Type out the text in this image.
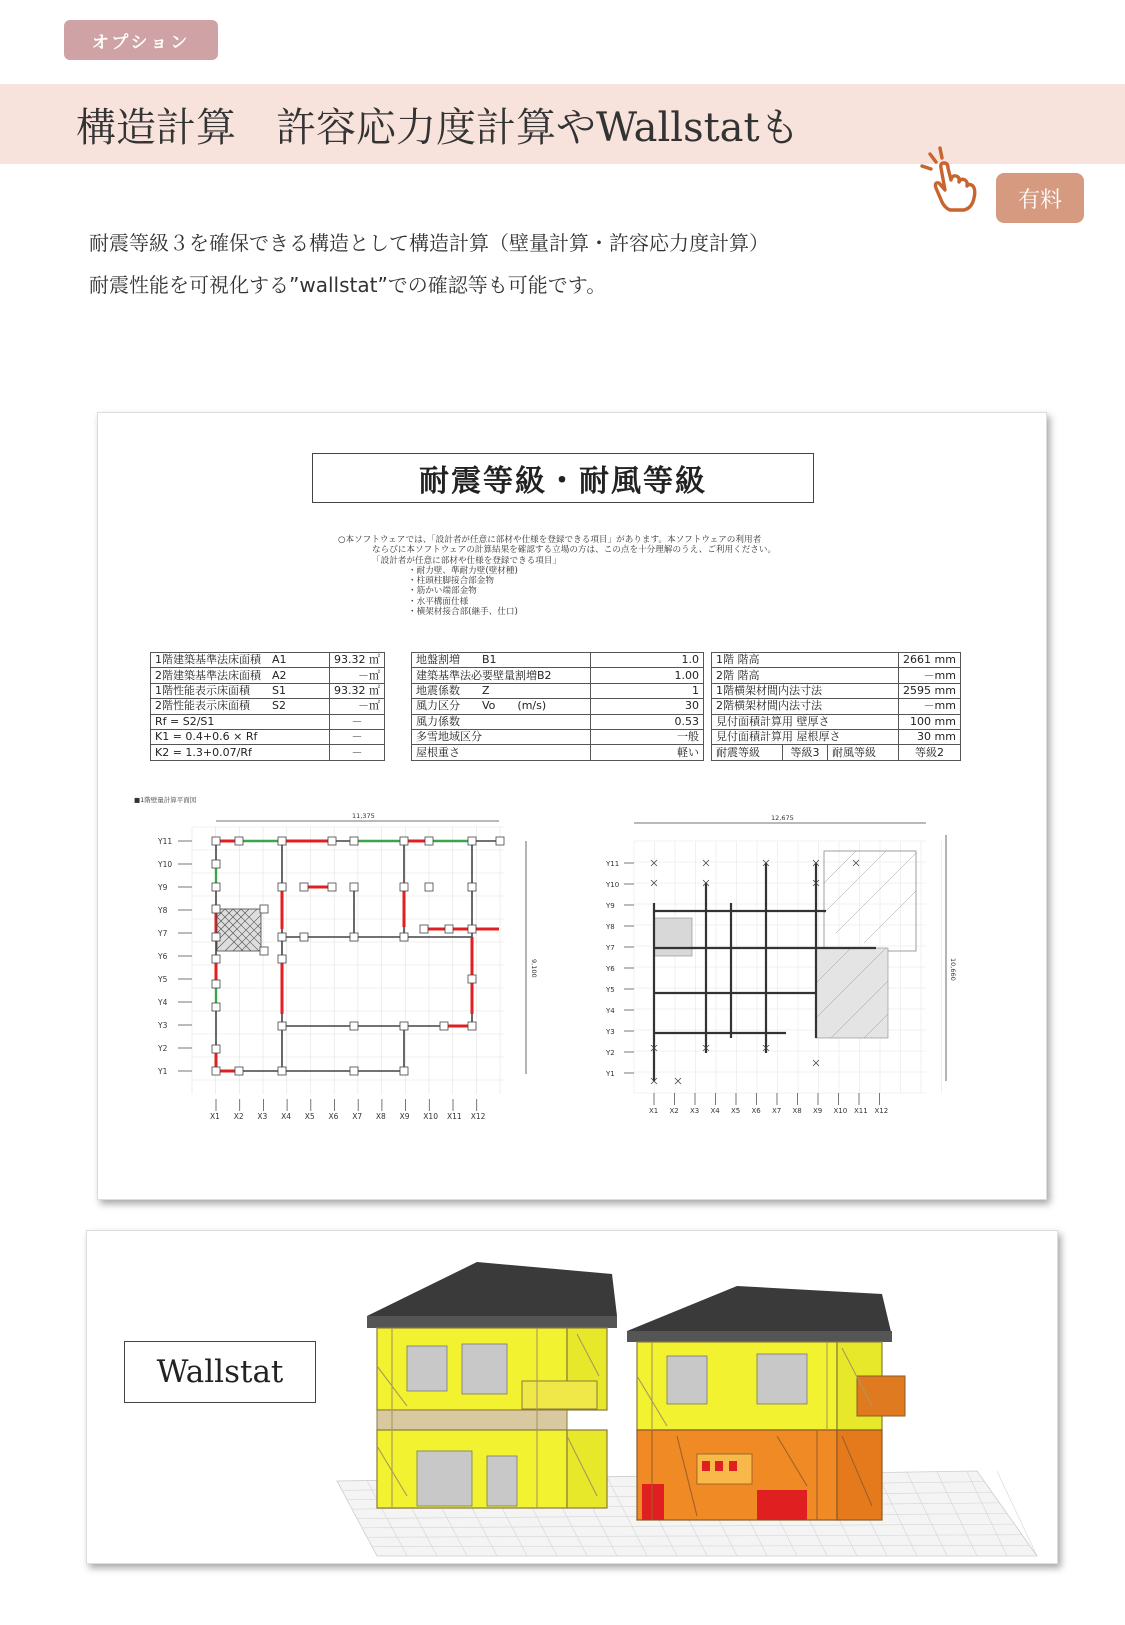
オプション
構造計算　許容応力度計算やWallstatも
有料
耐震等級３を確保できる構造として構造計算（壁量計算・許容応力度計算）
耐震性能を可視化する”wallstat”での確認等も可能です。
耐震等級・耐風等級
○本ソフトウェアでは、「設計者が任意に部材や仕様を登録できる項目」があります。本ソフトウェアの利用者
ならびに本ソフトウェアの計算結果を確認する立場の方は、この点を十分理解のうえ、ご利用ください。
「設計者が任意に部材や仕様を登録できる項目」
・耐力壁、準耐力壁(壁材種)
・柱頭柱脚接合部金物
・筋かい端部金物
・水平構面仕様
・横架材接合部(継手、仕口)
1階建築基準法床面積　A1	93.32 ㎡
2階建築基準法床面積　A2	－㎡
1階性能表示床面積　　S1	93.32 ㎡
2階性能表示床面積　　S2	－㎡
Rf = S2/S1	－
K1 = 0.4+0.6 × Rf	－
K2 = 1.3+0.07/Rf	－
地盤割増　　B1	1.0
建築基準法必要壁量割増B2	1.00
地震係数　　Z	1
風力区分　　Vo　　(m/s)	30
風力係数	0.53
多雪地域区分	一般
屋根重さ	軽い
1階 階高			2661 mm
2階 階高			－mm
1階横架材間内法寸法			2595 mm
2階横架材間内法寸法			－mm
見付面積計算用 壁厚さ			100 mm
見付面積計算用 屋根厚さ			30 mm
耐震等級	等級3	耐風等級	等級2
■1階壁量計算平面図
Y11
Y10
Y9
Y8
Y7
Y6
Y5
Y4
Y3
Y2
Y1
X1 X2 X3 X4 X5 X6 X7 X8 X9 X10 X11 X12
11,375
9,100
Y11
Y10
Y9
Y8
Y7
Y6
Y5
Y4
Y3
Y2
Y1
X1 X2 X3 X4 X5 X6 X7 X8 X9 X10 X11 X12
12,675
10,660
Wallstat
